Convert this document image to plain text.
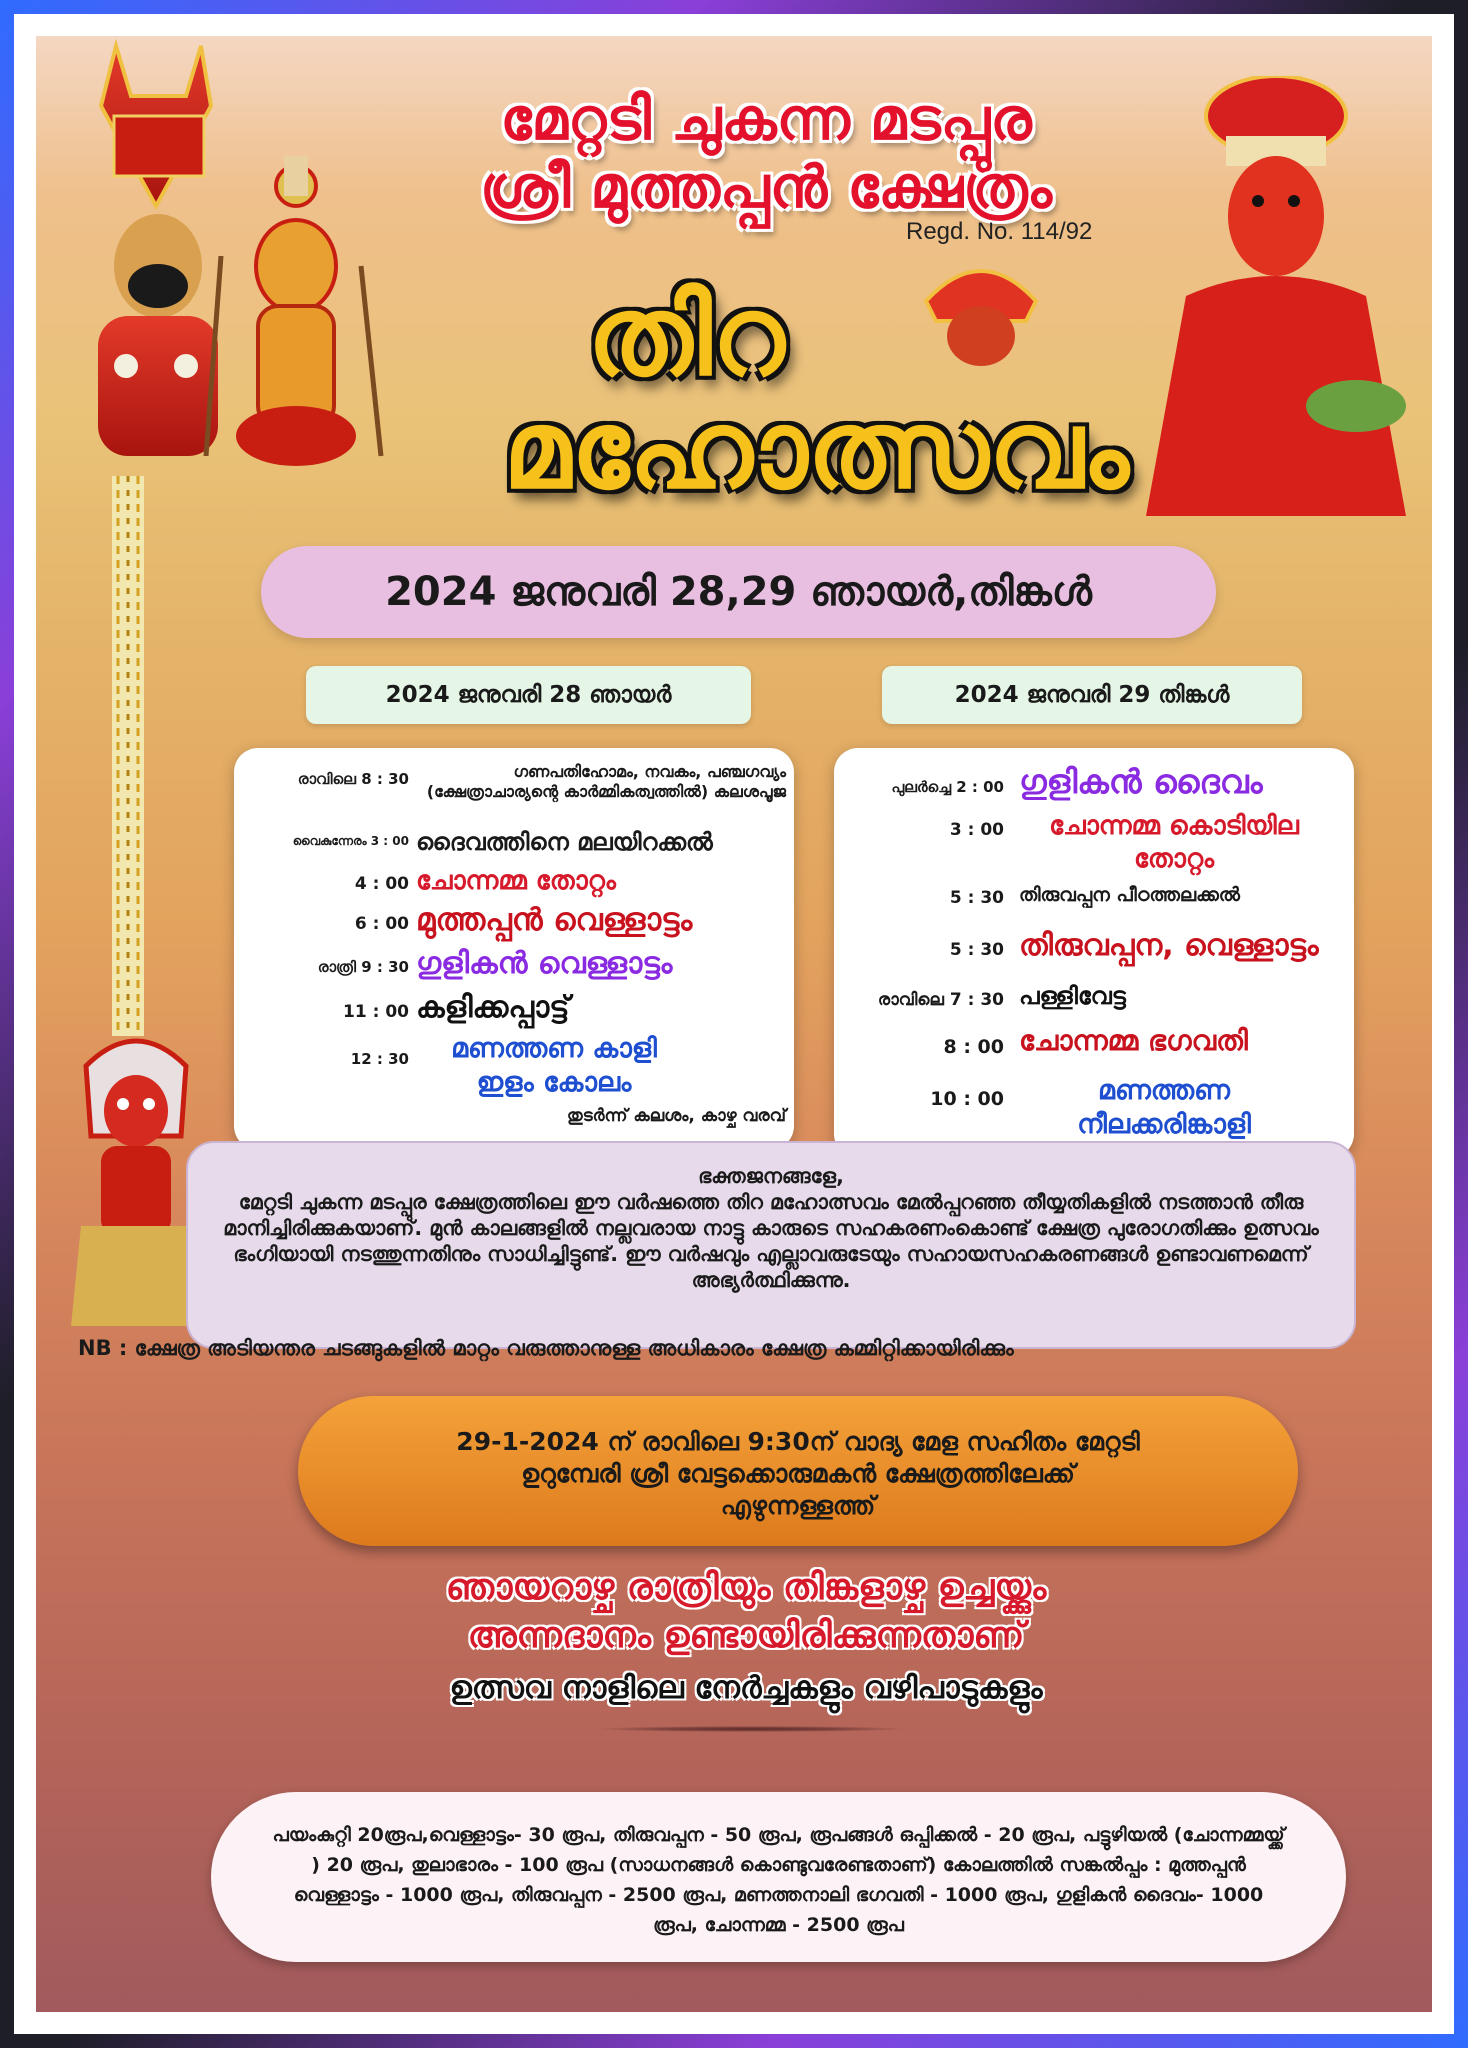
മേറ്റടി ചുകന്ന മടപ്പുര
ശ്രീ മുത്തപ്പൻ ക്ഷേത്രം
Regd. No. 114/92
തിറ
മഹോത്സവം
2024 ജനുവരി 28,29 ഞായർ,തിങ്കൾ
2024 ജനുവരി 28 ഞായർ	2024 ജനുവരി 29 തിങ്കൾ
രാവിലെ 8 : 30	ഗണപതിഹോമം, നവകം, പഞ്ചഗവ്യം (ക്ഷേത്രാചാര്യന്റെ കാർമ്മികത്വത്തിൽ) കലശപൂജ
വൈകുന്നേരം 3 : 00 ദൈവത്തിനെ മലയിറക്കൽ
4 : 00 ചോന്നമ്മ തോറ്റം
6 : 00 മുത്തപ്പൻ വെള്ളാട്ടം
രാത്രി 9 : 30 ഗുളികൻ വെള്ളാട്ടം
11 : 00 കളിക്കപ്പാട്ട്
12 : 30	മണത്തണ കാളി ഇളം കോലം
തുടർന്ന് കലശം, കാഴ്ച വരവ്
പുലർച്ചെ 2 : 00 ഗുളികൻ ദൈവം
3 : 00	ചോന്നമ്മ കൊടിയില തോറ്റം
5 : 30 തിരുവപ്പന പീഠത്തലക്കൽ
5 : 30 തിരുവപ്പന, വെള്ളാട്ടം
രാവിലെ 7 : 30 പള്ളിവേട്ട
8 : 00 ചോന്നമ്മ ഭഗവതി
10 : 00	മണത്തണ നീലക്കരിങ്കാളി
ഭക്തജനങ്ങളേ,
മേറ്റടി ചുകന്ന മടപ്പുര ക്ഷേത്രത്തിലെ ഈ വർഷത്തെ തിറ മഹോത്സവം മേൽപ്പറഞ്ഞ തീയ്യതികളിൽ നടത്താൻ തീരു മാനിച്ചിരിക്കുകയാണ്. മുൻ കാലങ്ങളിൽ നല്ലവരായ നാട്ടു കാരുടെ സഹകരണംകൊണ്ട് ക്ഷേത്ര പുരോഗതിക്കും ഉത്സവം ഭംഗിയായി നടത്തുന്നതിനും സാധിച്ചിട്ടുണ്ട്. ഈ വർഷവും എല്ലാവരുടേയും സഹായസഹകരണങ്ങൾ ഉണ്ടാവണമെന്ന് അഭ്യർത്ഥിക്കുന്നു.
NB : ക്ഷേത്ര അടിയന്തര ചടങ്ങുകളിൽ മാറ്റം വരുത്താനുള്ള അധികാരം ക്ഷേത്ര കമ്മിറ്റിക്കായിരിക്കും
29-1-2024 ന് രാവിലെ 9:30ന് വാദ്യ മേള സഹിതം മേറ്റടി
ഉറുമ്പേരി ശ്രീ വേട്ടക്കൊരുമകൻ ക്ഷേത്രത്തിലേക്ക്
എഴുന്നള്ളത്ത്
ഞായറാഴ്ച രാത്രിയും തിങ്കളാഴ്ച ഉച്ചയ്ക്കും
അന്നദാനം ഉണ്ടായിരിക്കുന്നതാണ്
ഉത്സവ നാളിലെ നേർച്ചകളും വഴിപാടുകളും
പയംകുറ്റി 20രൂപ,വെള്ളാട്ടം- 30 രൂപ, തിരുവപ്പന - 50 രൂപ, രൂപങ്ങൾ ഒപ്പിക്കൽ - 20 രൂപ, പട്ടുഴിയൽ (ചോന്നമ്മയ്ക്ക് ) 20 രൂപ, തുലാഭാരം - 100 രൂപ (സാധനങ്ങൾ കൊണ്ടുവരേണ്ടതാണ്) കോലത്തിൽ സങ്കൽപ്പം : മുത്തപ്പൻ വെള്ളാട്ടം - 1000 രൂപ, തിരുവപ്പന - 2500 രൂപ, മണത്തനാലി ഭഗവതി - 1000 രൂപ, ഗുളികൻ ദൈവം- 1000 രൂപ, ചോന്നമ്മ - 2500 രൂപ
